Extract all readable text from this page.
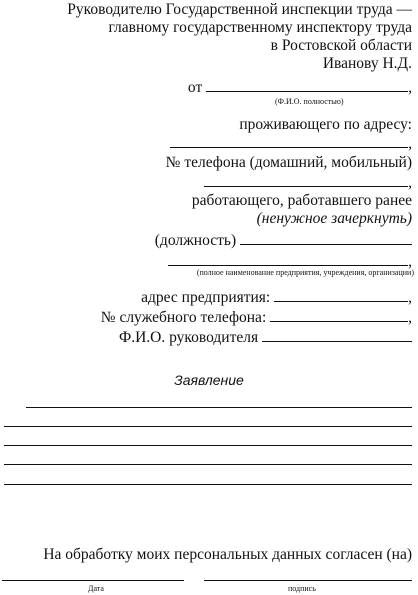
Руководителю Государственной инспекции труда —
главному государственному инспектору труда
в Ростовской области
Иванову Н.Д.
от	,
(Ф.И.О. полностью)
проживающего по адресу:
,
№ телефона (домашний, мобильный)
,
работающего, работавшего ранее
(ненужное зачеркнуть)
(должность)
,
(полное наименование предприятия, учреждения, организации)
адрес предприятия:	,
№ служебного телефона:	,
Ф.И.О. руководителя
Заявление
На обработку моих персональных данных согласен (на)
Дата	подпись
